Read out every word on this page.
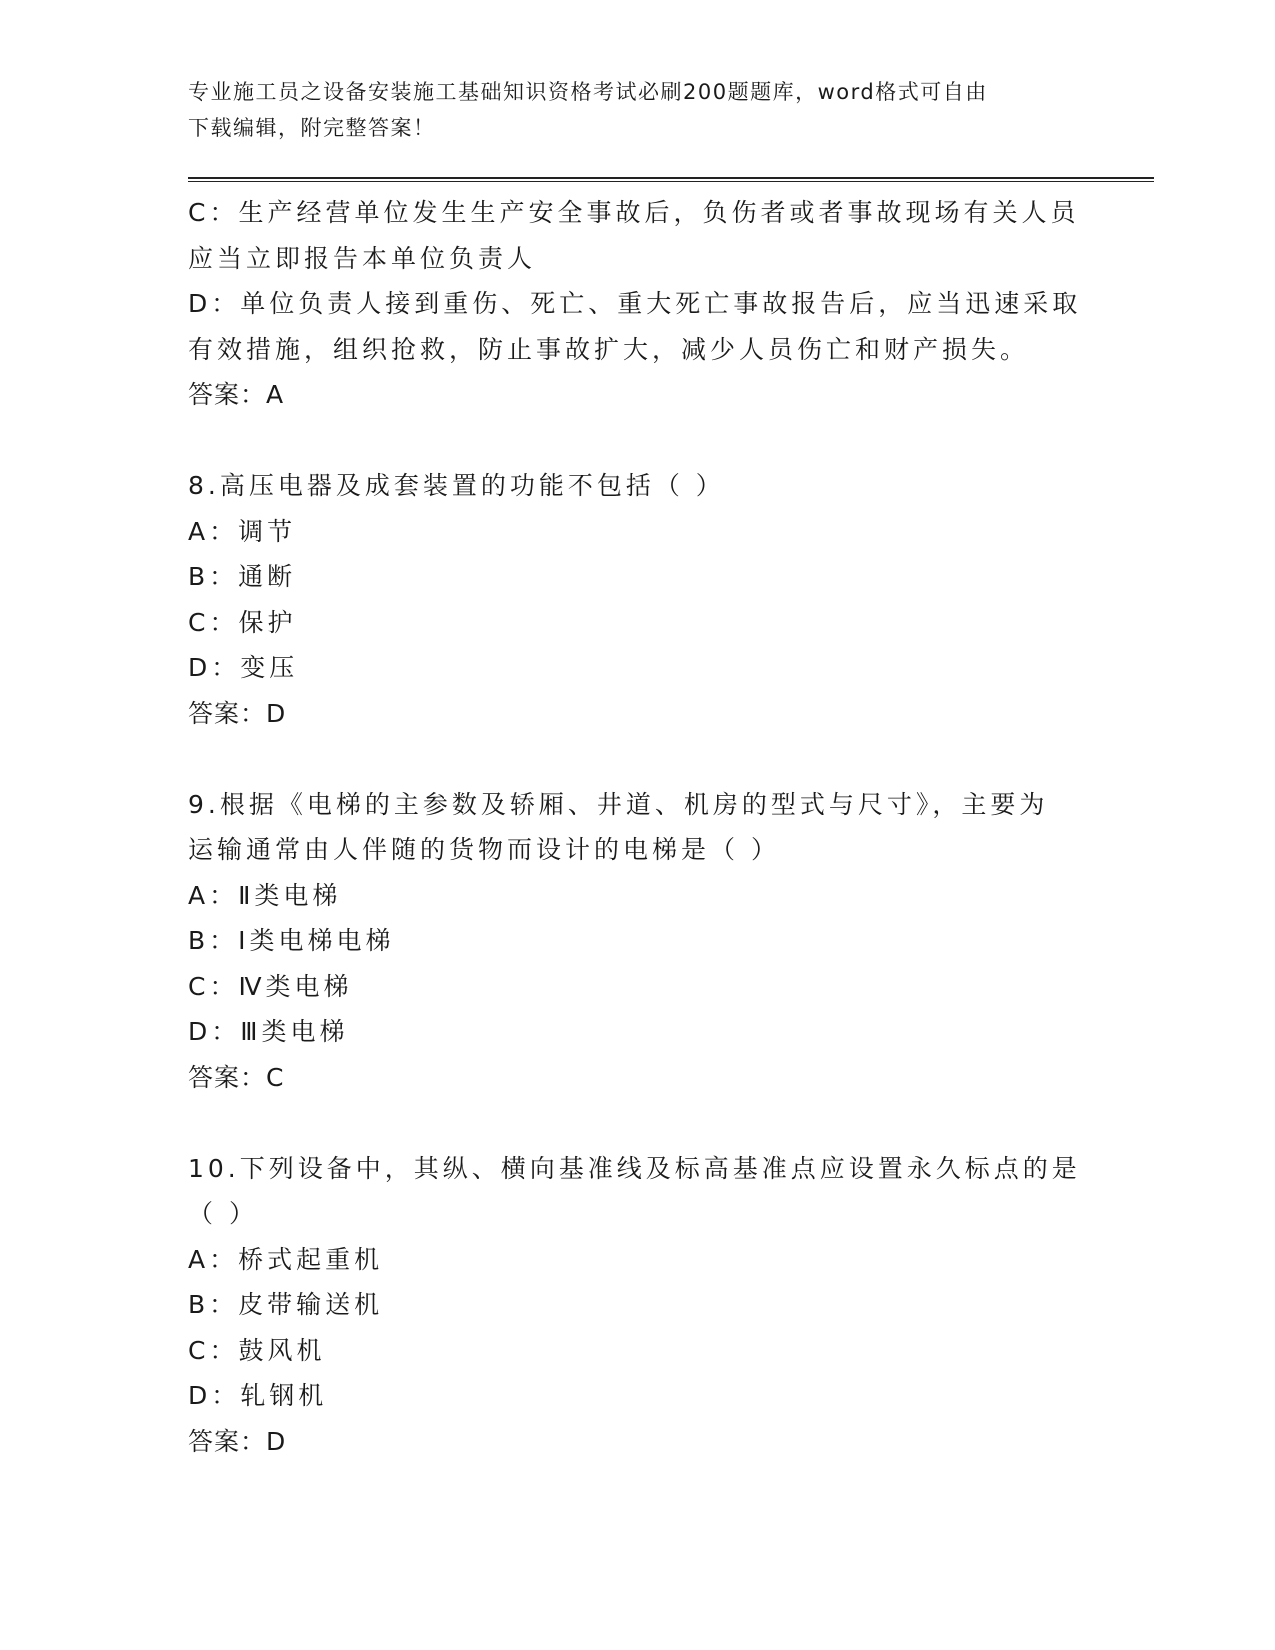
专业施工员之设备安装施工基础知识资格考试必刷200题题库，word格式可自由
下载编辑，附完整答案！
C：生产经营单位发生生产安全事故后，负伤者或者事故现场有关人员
应当立即报告本单位负责人
D：单位负责人接到重伤、死亡、重大死亡事故报告后，应当迅速采取
有效措施，组织抢救，防止事故扩大，减少人员伤亡和财产损失。
答案：A
8.高压电器及成套装置的功能不包括（ ）
A：调节
B：通断
C：保护
D：变压
答案：D
9.根据《电梯的主参数及轿厢、井道、机房的型式与尺寸》，主要为
运输通常由人伴随的货物而设计的电梯是（ ）
A：Ⅱ类电梯
B：Ⅰ类电梯电梯
C：Ⅳ类电梯
D：Ⅲ类电梯
答案：C
10.下列设备中，其纵、横向基准线及标高基准点应设置永久标点的是
（ ）
A：桥式起重机
B：皮带输送机
C：鼓风机
D：轧钢机
答案：D
